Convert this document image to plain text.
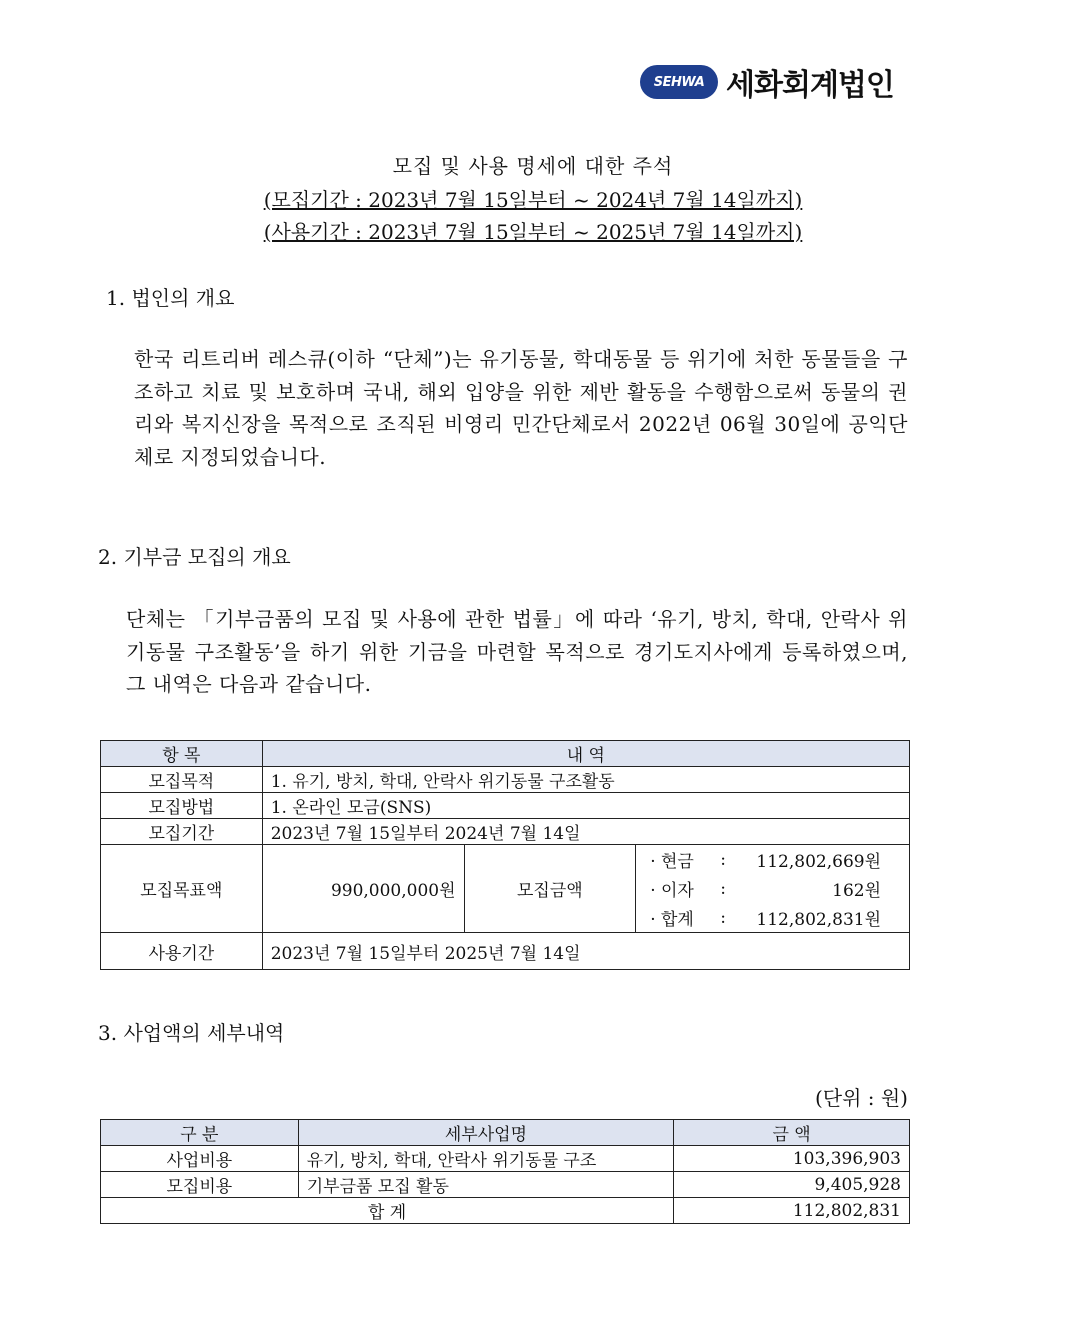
SEHWA 세화회계법인
모집 및 사용 명세에 대한 주석
(모집기간 : 2023년 7월 15일부터 ~ 2024년 7월 14일까지)
(사용기간 : 2023년 7월 15일부터 ~ 2025년 7월 14일까지)
1. 법인의 개요
한국 리트리버 레스큐(이하 “단체”)는 유기동물, 학대동물 등 위기에 처한 동물들을 구조하고 치료 및 보호하며 국내, 해외 입양을 위한 제반 활동을 수행함으로써 동물의 권리와 복지신장을 목적으로 조직된 비영리 민간단체로서 2022년 06월 30일에 공익단체로 지정되었습니다.
2. 기부금 모집의 개요
단체는 「기부금품의 모집 및 사용에 관한 법률」에 따라 ‘유기, 방치, 학대, 안락사 위기동물 구조활동’을 하기 위한 기금을 마련할 목적으로 경기도지사에게 등록하였으며, 그 내역은 다음과 같습니다.
항 목	내 역
모집목적	1. 유기, 방치, 학대, 안락사 위기동물 구조활동
모집방법	1. 온라인 모금(SNS)
모집기간	2023년 7월 15일부터 2024년 7월 14일
모집목표액	990,000,000원	모집금액	
· 현금	:	112,802,669원
· 이자	:	162원
· 합계	:	112,802,831원

사용기간	2023년 7월 15일부터 2025년 7월 14일
3. 사업액의 세부내역
(단위 : 원)
구 분	세부사업명	금 액
사업비용	유기, 방치, 학대, 안락사 위기동물 구조	103,396,903
모집비용	기부금품 모집 활동	9,405,928
합 계		112,802,831
